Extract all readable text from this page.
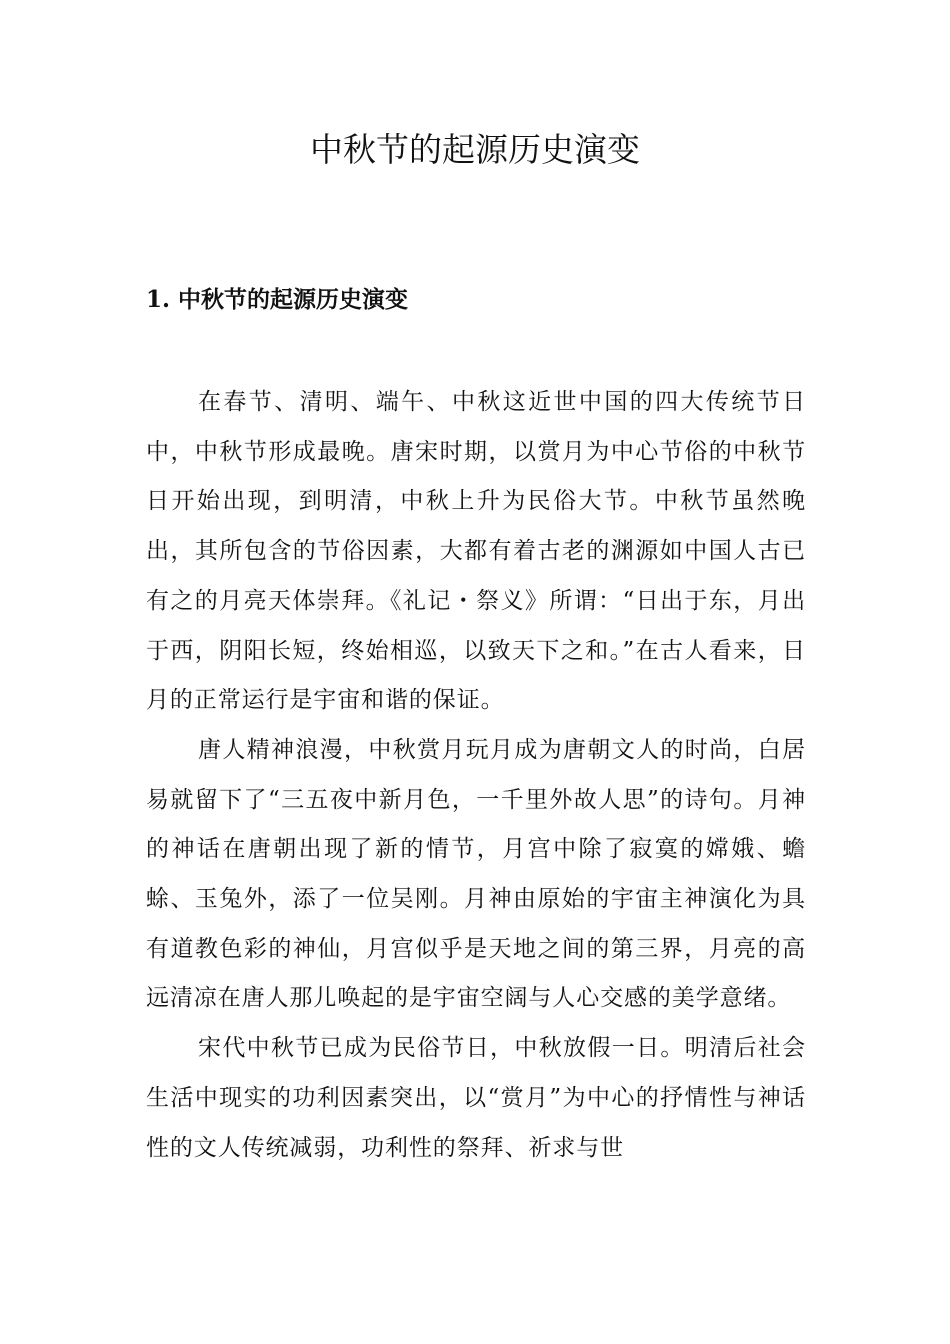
中秋节的起源历史演变
1. 中秋节的起源历史演变

在春节、清明、端午、中秋这近世中国的四大传统节日中，中秋节形成最晚。唐宋时期，以赏月为中心节俗的中秋节日开始出现，到明清，中秋上升为民俗大节。中秋节虽然晚出，其所包含的节俗因素，大都有着古老的渊源如中国人古已有之的月亮天体崇拜。《礼记・祭义》所谓：“日出于东，月出于西，阴阳长短，终始相巡，以致天下之和。”在古人看来，日月的正常运行是宇宙和谐的保证。

唐人精神浪漫，中秋赏月玩月成为唐朝文人的时尚，白居易就留下了“三五夜中新月色，一千里外故人思”的诗句。月神的神话在唐朝出现了新的情节，月宫中除了寂寞的嫦娥、蟾蜍、玉兔外，添了一位吴刚。月神由原始的宇宙主神演化为具有道教色彩的神仙，月宫似乎是天地之间的第三界，月亮的高远清凉在唐人那儿唤起的是宇宙空阔与人心交感的美学意绪。

宋代中秋节已成为民俗节日，中秋放假一日。明清后社会生活中现实的功利因素突出，以“赏月”为中心的抒情性与神话性的文人传统减弱，功利性的祭拜、祈求与世
